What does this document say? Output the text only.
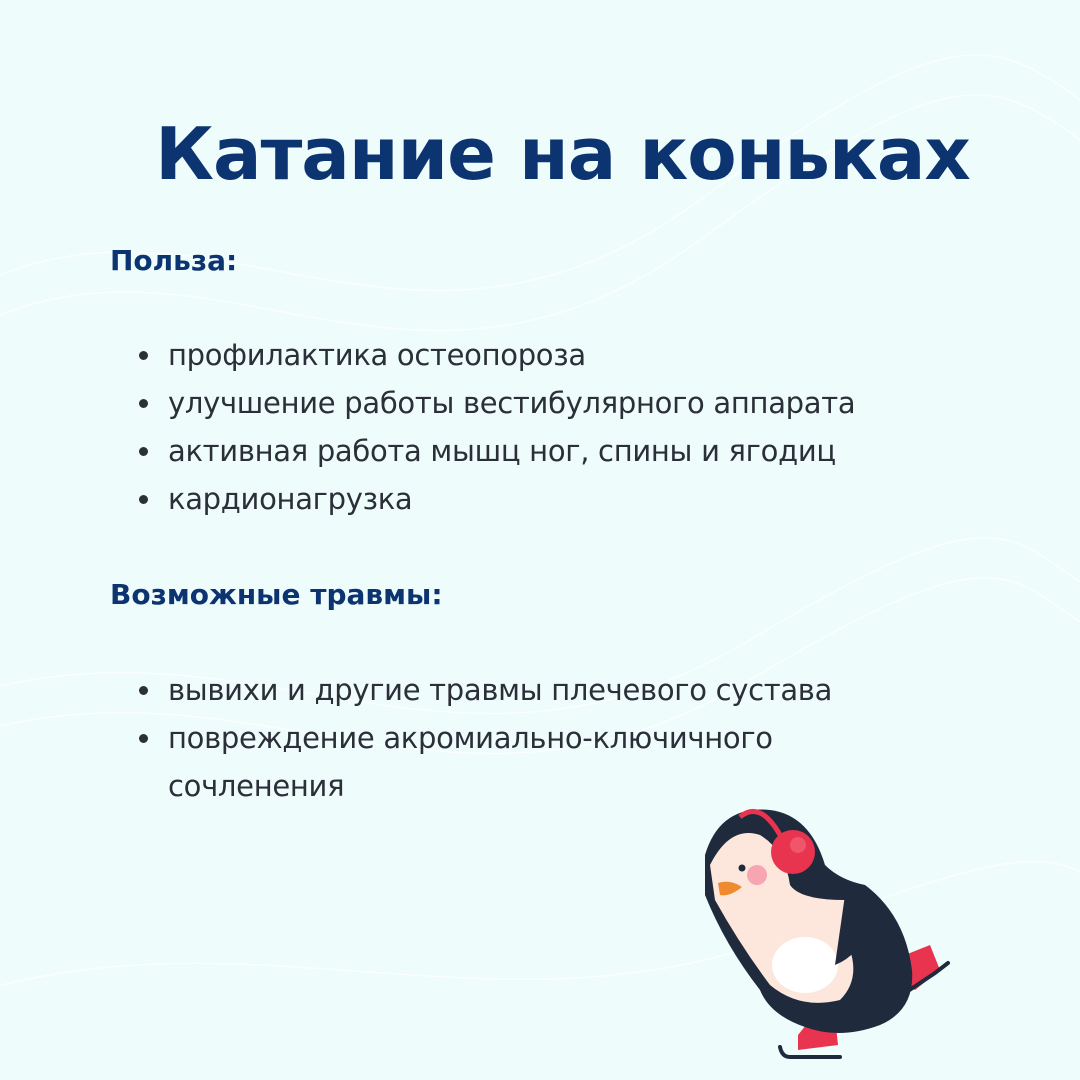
Катание на коньках
Польза:
профилактика остеопороза
улучшение работы вестибулярного аппарата
активная работа мышц ног, спины и ягодиц
кардионагрузка
Возможные травмы:
вывихи и другие травмы плечевого сустава
повреждение акромиально-ключичного сочленения
